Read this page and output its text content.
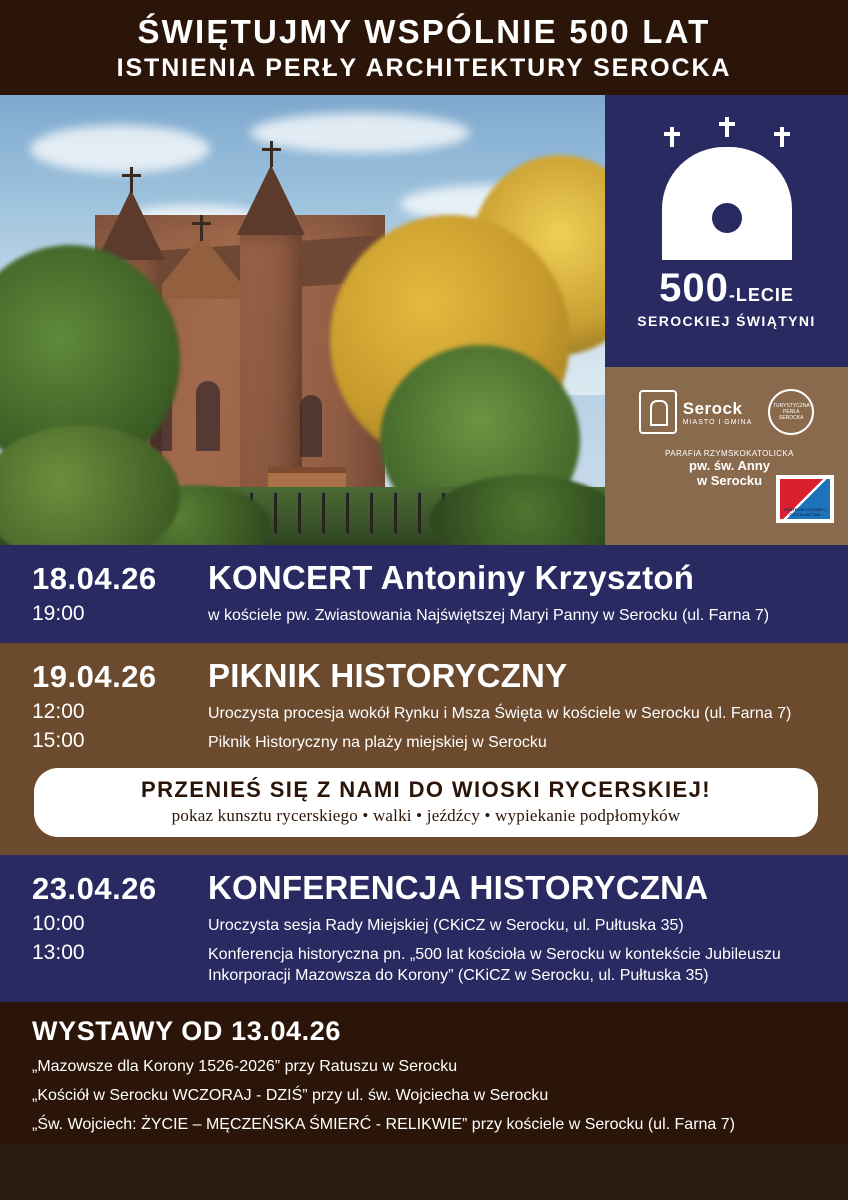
ŚWIĘTUJMY WSPÓLNIE 500 LAT
ISTNIENIA PERŁY ARCHITEKTURY SEROCKA
500-LECIE
SEROCKIEJ ŚWIĄTYNI
Serock
MIASTO I GMINA
TURYSTYCZNA PERŁA SEROCKA
PARAFIA RZYMSKOKATOLICKA
pw. św. Anny
w Serocku
CENTRUM KULTURY I CZYTELNICTWA
18.04.26	KONCERT Antoniny Krzysztoń
19:00	w kościele pw. Zwiastowania Najświętszej Maryi Panny w Serocku (ul. Farna 7)
19.04.26	PIKNIK HISTORYCZNY
12:00	Uroczysta procesja wokół Rynku i Msza Święta w kościele w Serocku (ul. Farna 7)
15:00	Piknik Historyczny na plaży miejskiej w Serocku
PRZENIEŚ SIĘ Z NAMI DO WIOSKI RYCERSKIEJ!
pokaz kunsztu rycerskiego • walki • jeźdźcy • wypiekanie podpłomyków
23.04.26	KONFERENCJA HISTORYCZNA
10:00	Uroczysta sesja Rady Miejskiej (CKiCZ w Serocku, ul. Pułtuska 35)
13:00	Konferencja historyczna pn. „500 lat kościoła w Serocku w kontekście Jubileuszu Inkorporacji Mazowsza do Korony” (CKiCZ w Serocku, ul. Pułtuska 35)
WYSTAWY OD 13.04.26
„Mazowsze dla Korony 1526-2026” przy Ratuszu w Serocku
„Kościół w Serocku WCZORAJ - DZIŚ” przy ul. św. Wojciecha w Serocku
„Św. Wojciech: ŻYCIE – MĘCZEŃSKA ŚMIERĆ - RELIKWIE” przy kościele w Serocku (ul. Farna 7)
